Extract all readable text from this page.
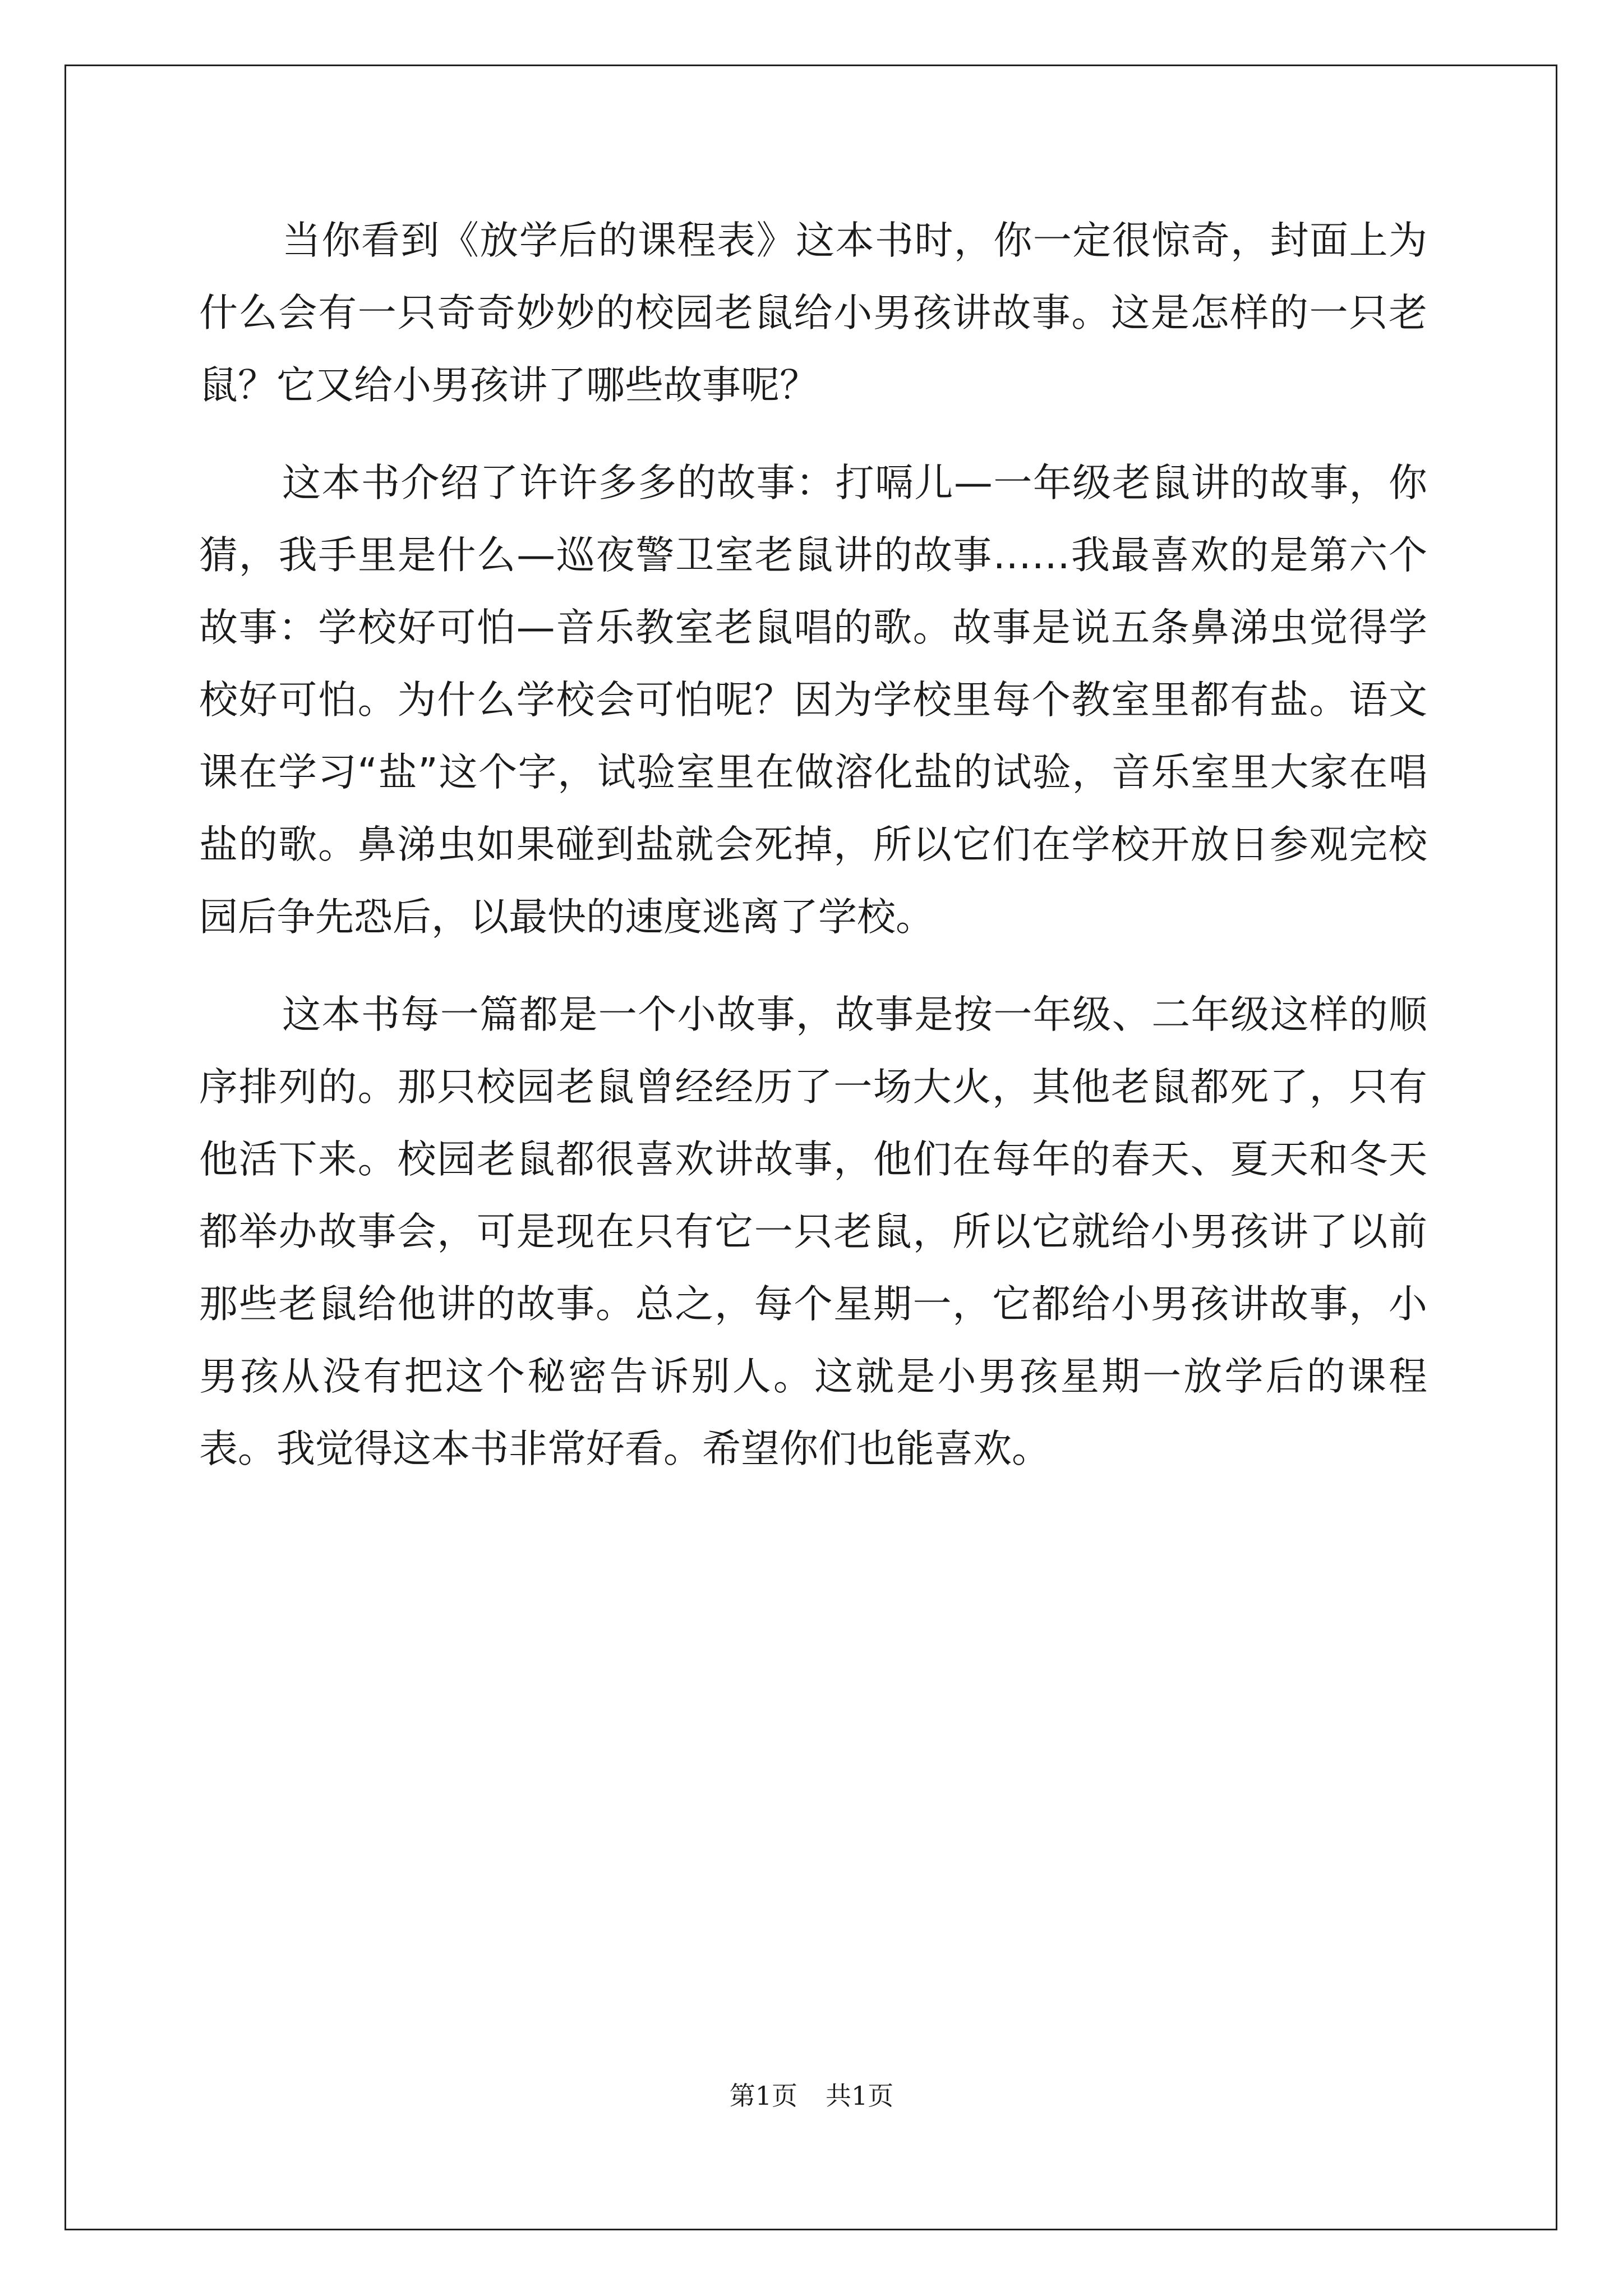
当你看到《放学后的课程表》这本书时，你一定很惊奇，封面上为什么会有一只奇奇妙妙的校园老鼠给小男孩讲故事。这是怎样的一只老鼠？它又给小男孩讲了哪些故事呢？

这本书介绍了许许多多的故事：打嗝儿—一年级老鼠讲的故事，你猜，我手里是什么—巡夜警卫室老鼠讲的故事……我最喜欢的是第六个故事：学校好可怕—音乐教室老鼠唱的歌。故事是说五条鼻涕虫觉得学校好可怕。为什么学校会可怕呢？因为学校里每个教室里都有盐。语文课在学习“盐”这个字，试验室里在做溶化盐的试验，音乐室里大家在唱盐的歌。鼻涕虫如果碰到盐就会死掉，所以它们在学校开放日参观完校园后争先恐后，以最快的速度逃离了学校。

这本书每一篇都是一个小故事，故事是按一年级、二年级这样的顺序排列的。那只校园老鼠曾经经历了一场大火，其他老鼠都死了，只有他活下来。校园老鼠都很喜欢讲故事，他们在每年的春天、夏天和冬天都举办故事会，可是现在只有它一只老鼠，所以它就给小男孩讲了以前那些老鼠给他讲的故事。总之，每个星期一，它都给小男孩讲故事，小男孩从没有把这个秘密告诉别人。这就是小男孩星期一放学后的课程表。我觉得这本书非常好看。希望你们也能喜欢。

第1页 共1页
